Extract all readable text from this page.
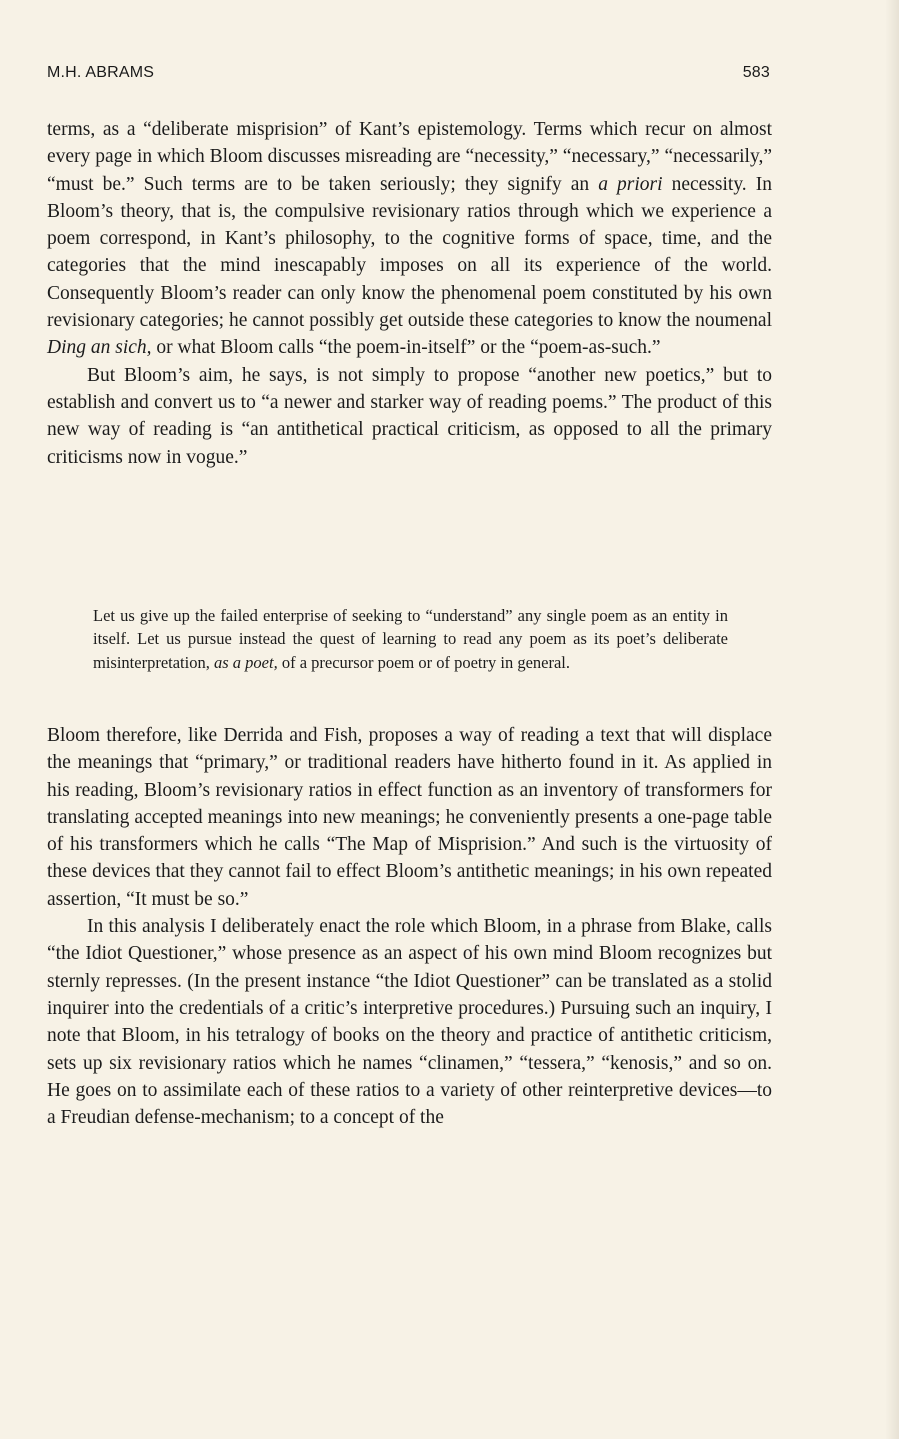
M.H. ABRAMS	583

terms, as a “deliberate misprision” of Kant’s epistemology. Terms which recur on almost every page in which Bloom discusses misreading are “necessity,” “necessary,” “necessarily,” “must be.” Such terms are to be taken seriously; they signify an a priori necessity. In Bloom’s theory, that is, the compulsive revisionary ratios through which we experience a poem correspond, in Kant’s philosophy, to the cognitive forms of space, time, and the categories that the mind inescapably imposes on all its experience of the world. Consequently Bloom’s reader can only know the phenomenal poem constituted by his own revisionary categories; he cannot possibly get outside these categories to know the noumenal Ding an sich, or what Bloom calls “the poem-in-itself” or the “poem-as-such.”

But Bloom’s aim, he says, is not simply to propose “another new poetics,” but to establish and convert us to “a newer and starker way of reading poems.” The product of this new way of reading is “an antithetical practical criticism, as opposed to all the primary criticisms now in vogue.”

Let us give up the failed enterprise of seeking to “understand” any single poem as an entity in itself. Let us pursue instead the quest of learning to read any poem as its poet’s deliberate misinterpretation, as a poet, of a precursor poem or of poetry in general.

Bloom therefore, like Derrida and Fish, proposes a way of reading a text that will displace the meanings that “primary,” or traditional readers have hitherto found in it. As applied in his reading, Bloom’s revisionary ratios in effect function as an inventory of transformers for translating accepted meanings into new meanings; he conveniently presents a one-page table of his transformers which he calls “The Map of Misprision.” And such is the virtuosity of these devices that they cannot fail to effect Bloom’s antithetic meanings; in his own repeated assertion, “It must be so.”

In this analysis I deliberately enact the role which Bloom, in a phrase from Blake, calls “the Idiot Questioner,” whose presence as an aspect of his own mind Bloom recognizes but sternly represses. (In the present instance “the Idiot Questioner” can be translated as a stolid inquirer into the credentials of a critic’s interpretive procedures.) Pursuing such an inquiry, I note that Bloom, in his tetralogy of books on the theory and practice of antithetic criticism, sets up six revisionary ratios which he names “clinamen,” “tessera,” “kenosis,” and so on. He goes on to assimilate each of these ratios to a variety of other reinterpretive devices—to a Freudian defense-mechanism; to a concept of the
